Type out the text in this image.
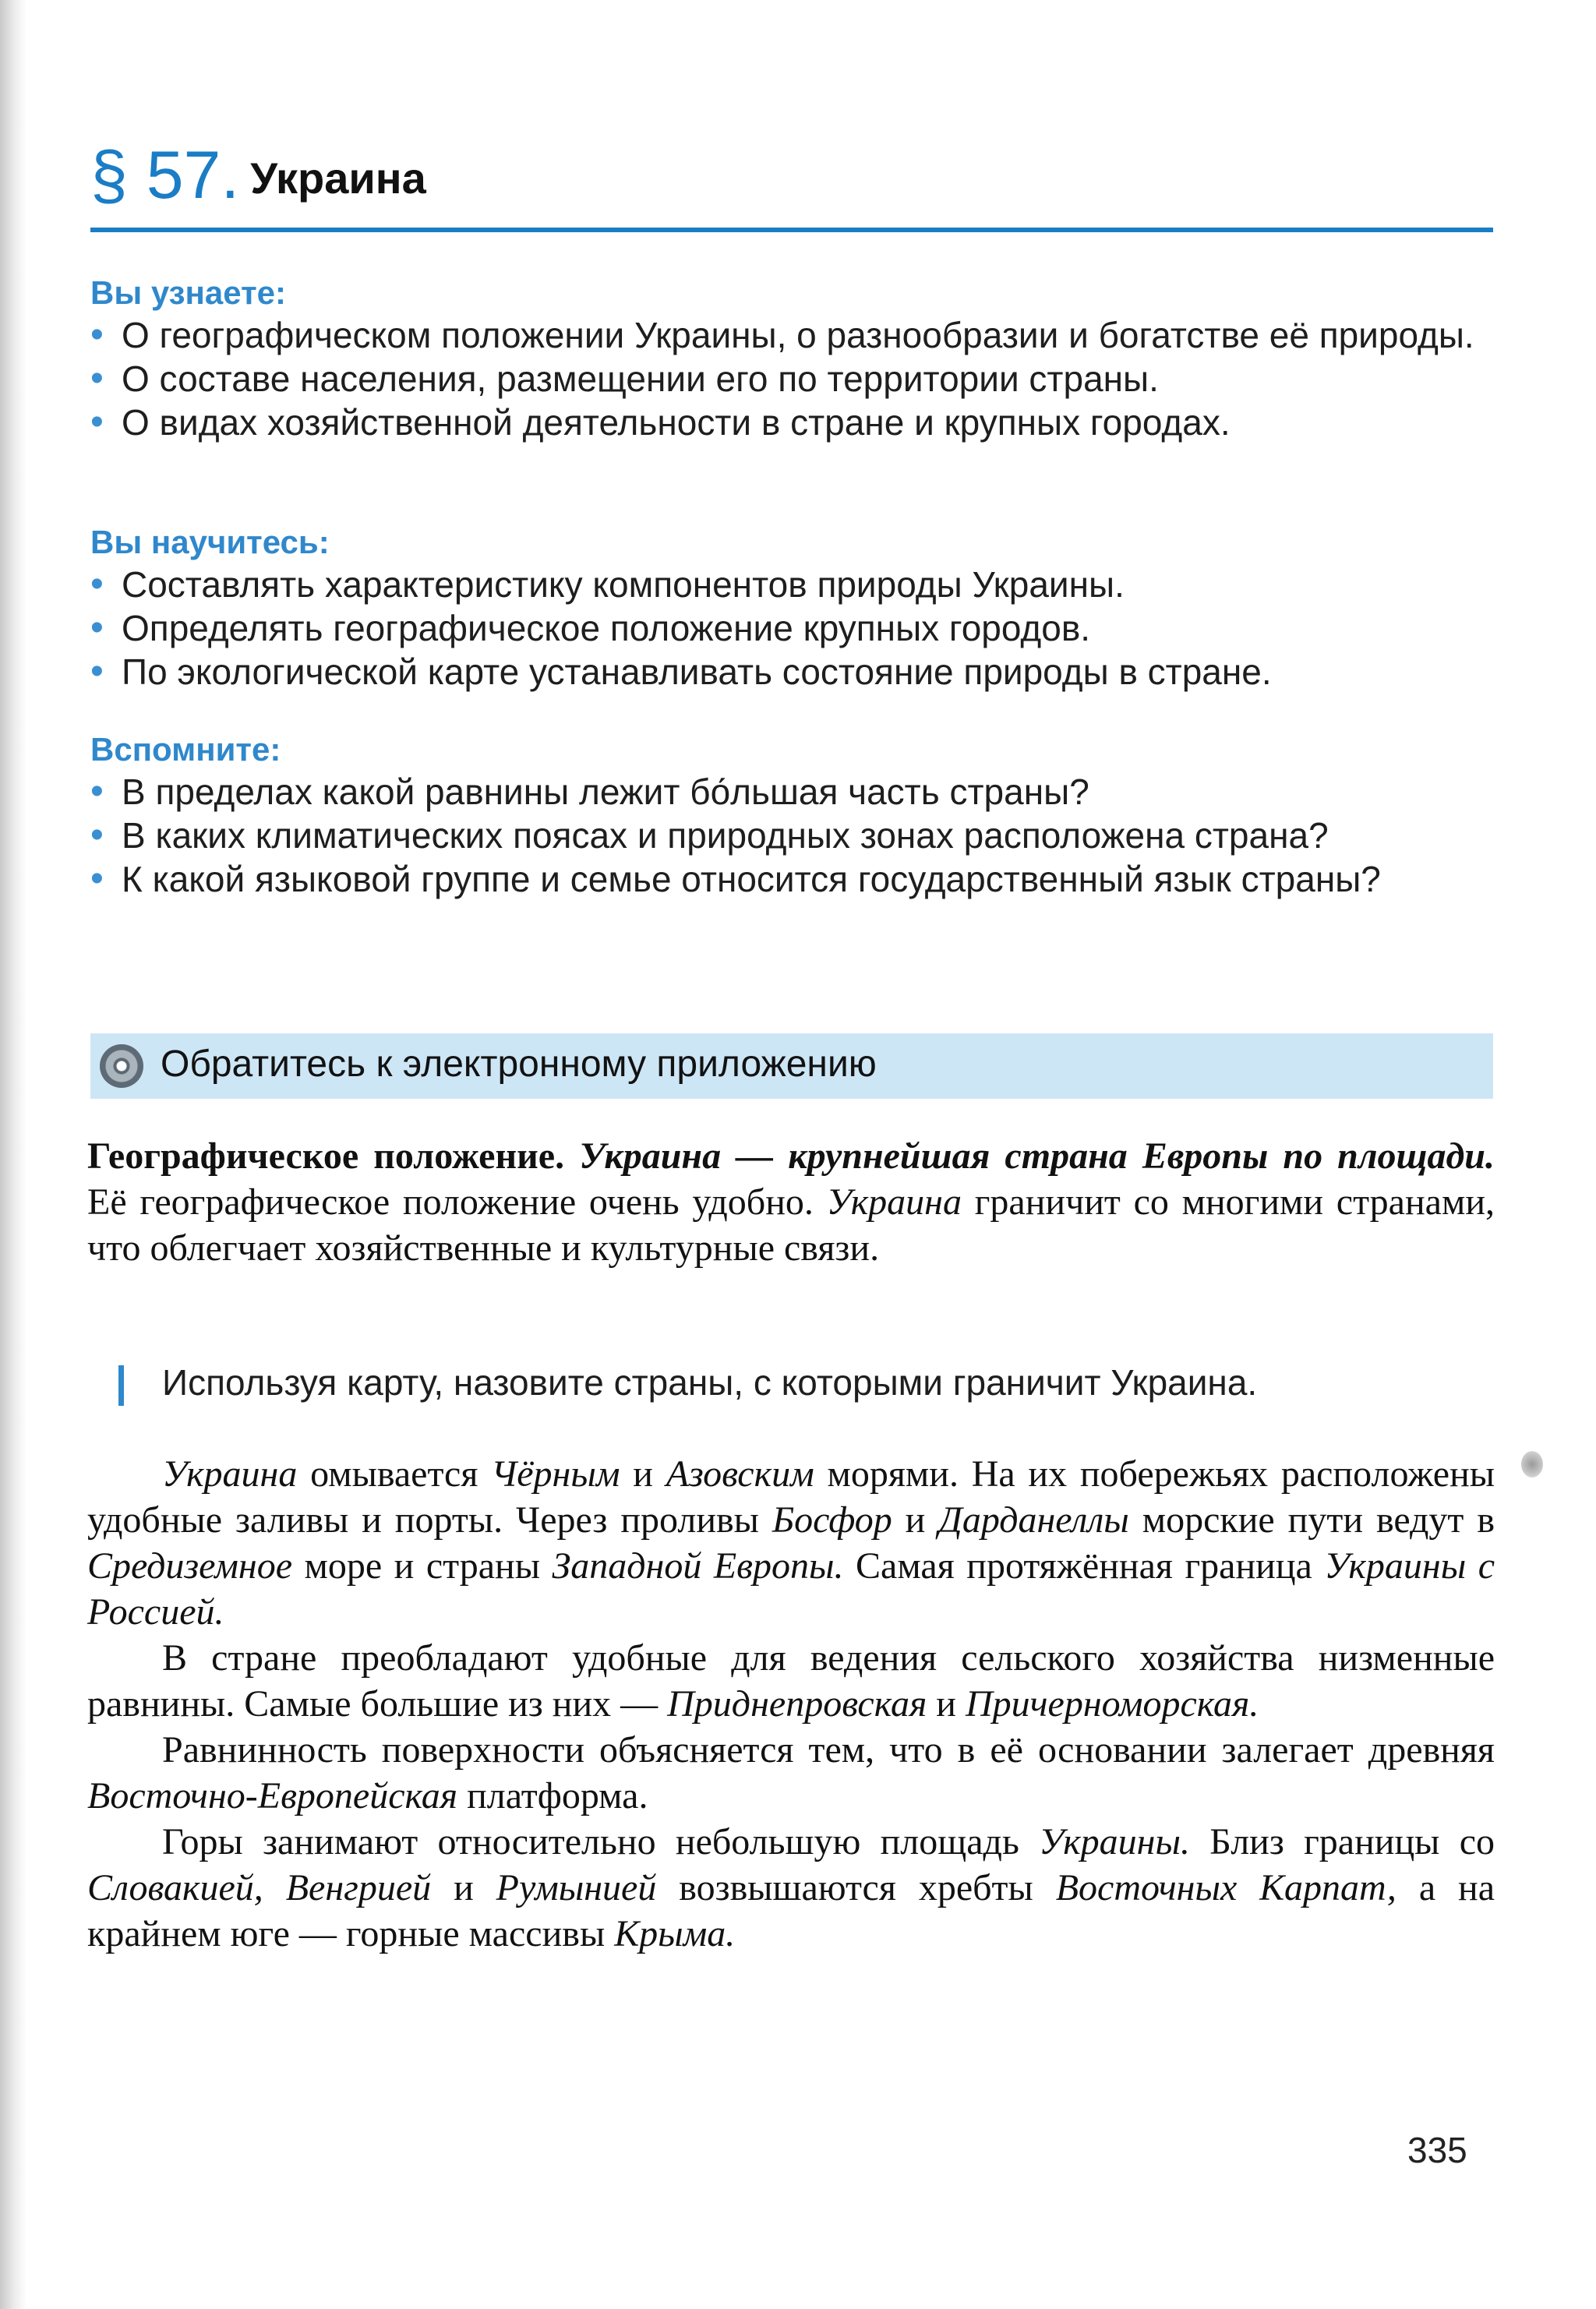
§ 57. Украина
Вы узнаете:
• О географическом положении Украины, о разнообразии и богатстве её природы.
• О составе населения, размещении его по территории страны.
• О видах хозяйственной деятельности в стране и крупных городах.
Вы научитесь:
• Составлять характеристику компонентов природы Украины.
• Определять географическое положение крупных городов.
• По экологической карте устанавливать состояние природы в стране.
Вспомните:
• В пределах какой равнины лежит бо́льшая часть страны?
• В каких климатических поясах и природных зонах расположена страна?
• К какой языковой группе и семье относится государственный язык страны?
Обратитесь к электронному приложению

Географическое положение. Украина — крупнейшая страна Европы по площади. Её географическое положение очень удобно. Украина граничит со многими странами, что облегчает хозяйственные и культурные связи.

Используя карту, назовите страны, с которыми граничит Украина.

Украина омывается Чёрным и Азовским морями. На их побережьях расположены удобные заливы и порты. Через проливы Босфор и Дарданеллы морские пути ведут в Средиземное море и страны Западной Европы. Самая протяжённая граница Украины с Россией.

В стране преобладают удобные для ведения сельского хозяйства низменные равнины. Самые большие из них — Приднепровская и Причерноморская.

Равнинность поверхности объясняется тем, что в её основании залегает древняя Восточно-Европейская платформа.

Горы занимают относительно небольшую площадь Украины. Близ границы со Словакией, Венгрией и Румынией возвышаются хребты Восточных Карпат, а на крайнем юге — горные массивы Крыма.

335
